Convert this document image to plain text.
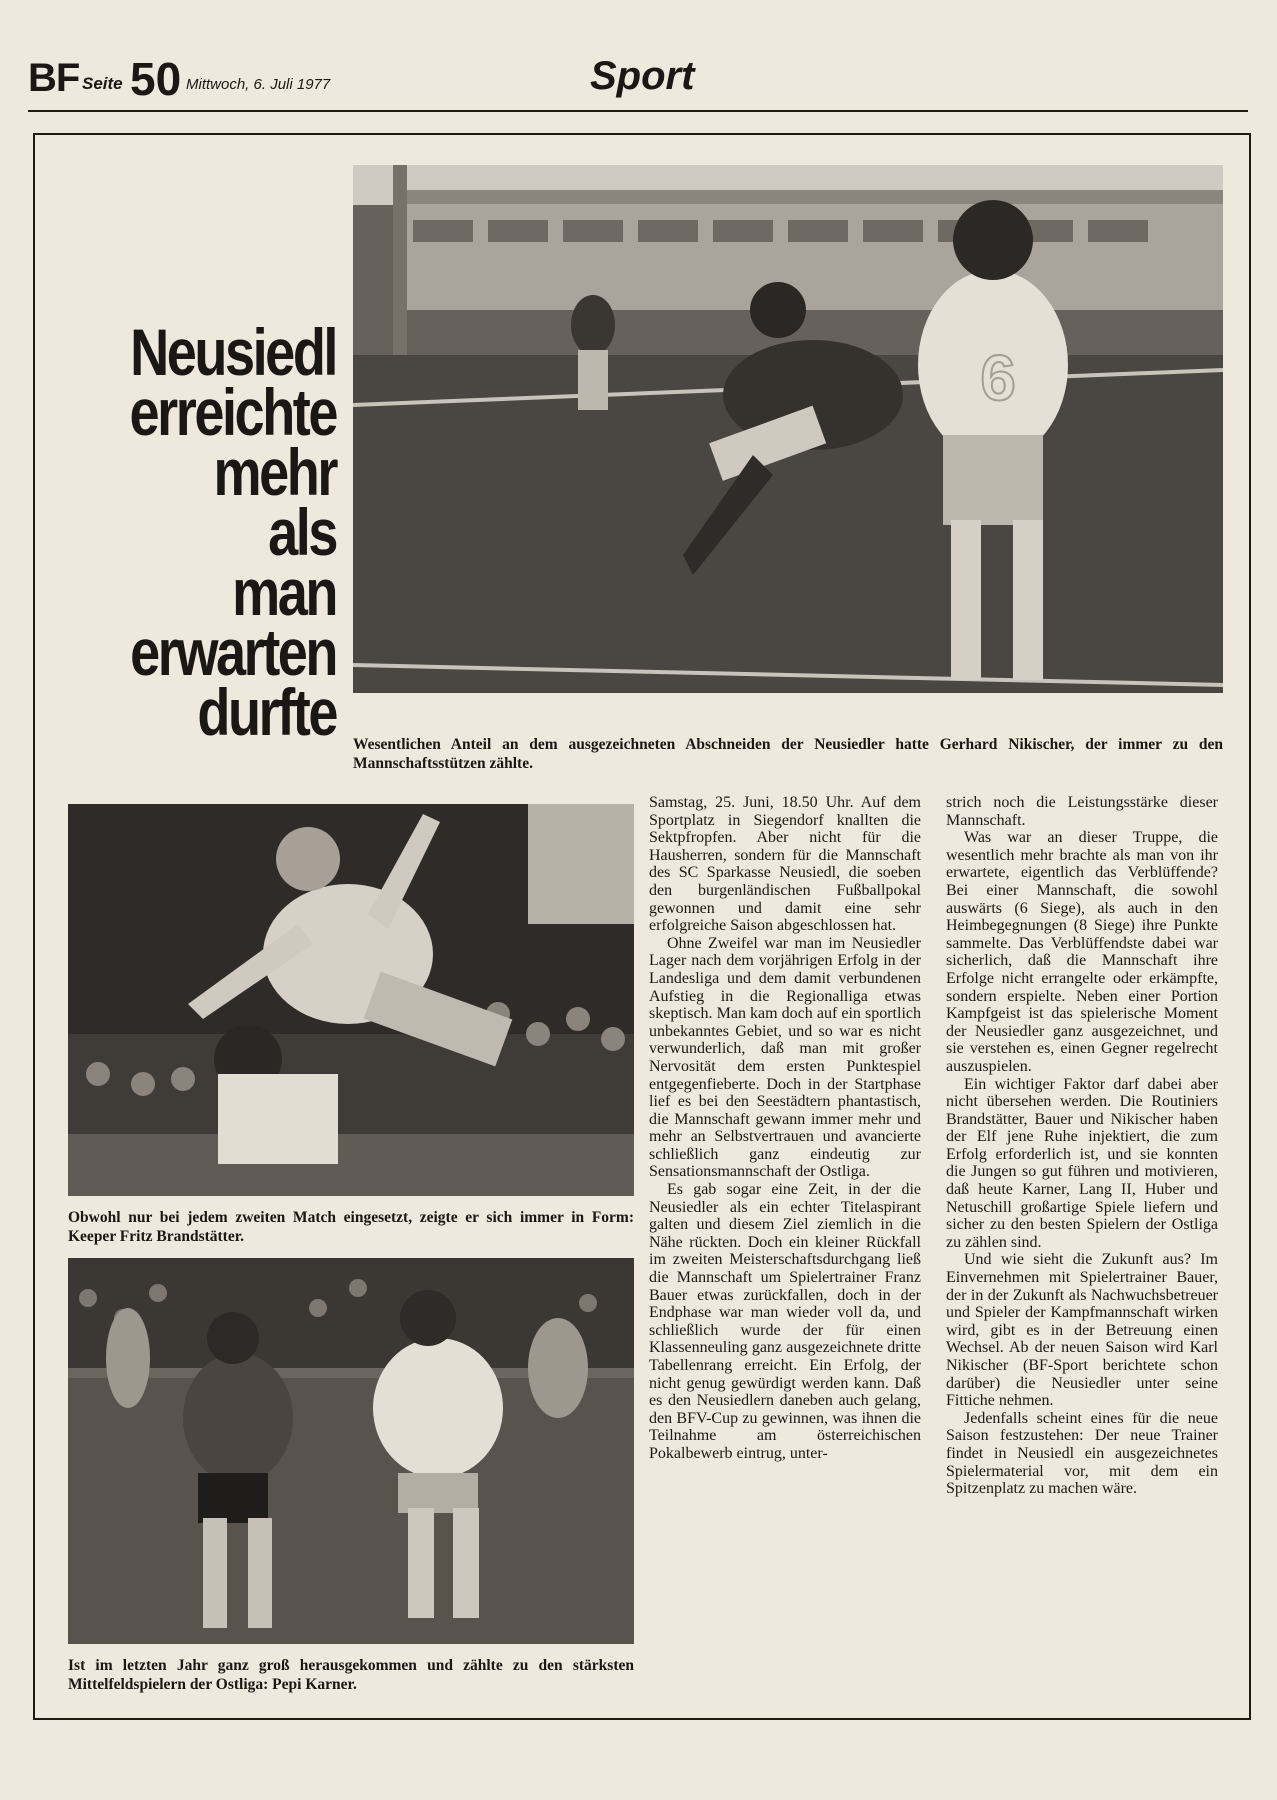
BF Seite 50 Mittwoch, 6. Juli 1977	Sport
Neusiedl
erreichte
mehr
als
man
erwarten
durfte
6
Wesentlichen Anteil an dem ausgezeichneten Abschneiden der Neusiedler hatte Gerhard Nikischer, der immer zu den Mannschaftsstützen zählte.
Obwohl nur bei jedem zweiten Match eingesetzt, zeigte er sich immer in Form: Keeper Fritz Brandstätter.
Ist im letzten Jahr ganz groß herausgekommen und zählte zu den stärksten Mittelfeldspielern der Ostliga: Pepi Karner.

Samstag, 25. Juni, 18.50 Uhr. Auf dem Sportplatz in Siegendorf knallten die Sektpfropfen. Aber nicht für die Hausherren, sondern für die Mannschaft des SC Sparkasse Neusiedl, die soeben den burgenländischen Fußballpokal gewonnen und damit eine sehr erfolgreiche Saison abgeschlossen hat.

Ohne Zweifel war man im Neusiedler Lager nach dem vorjährigen Erfolg in der Landesliga und dem damit verbundenen Aufstieg in die Regionalliga etwas skeptisch. Man kam doch auf ein sportlich unbekanntes Gebiet, und so war es nicht verwunderlich, daß man mit großer Nervosität dem ersten Punktespiel entgegenfieberte. Doch in der Startphase lief es bei den Seestädtern phantastisch, die Mannschaft gewann immer mehr und mehr an Selbstvertrauen und avancierte schließlich ganz eindeutig zur Sensationsmannschaft der Ostliga.

Es gab sogar eine Zeit, in der die Neusiedler als ein echter Titelaspirant galten und diesem Ziel ziemlich in die Nähe rückten. Doch ein kleiner Rückfall im zweiten Meisterschaftsdurchgang ließ die Mannschaft um Spielertrainer Franz Bauer etwas zurückfallen, doch in der Endphase war man wieder voll da, und schließlich wurde der für einen Klassenneuling ganz ausgezeichnete dritte Tabellenrang erreicht. Ein Erfolg, der nicht genug gewürdigt werden kann. Daß es den Neusiedlern daneben auch gelang, den BFV-Cup zu gewinnen, was ihnen die Teilnahme am österreichischen Pokalbewerb eintrug, unter-

strich noch die Leistungsstärke dieser Mannschaft.

Was war an dieser Truppe, die wesentlich mehr brachte als man von ihr erwartete, eigentlich das Verblüffende? Bei einer Mannschaft, die sowohl auswärts (6 Siege), als auch in den Heimbegegnungen (8 Siege) ihre Punkte sammelte. Das Verblüffendste dabei war sicherlich, daß die Mannschaft ihre Erfolge nicht errangelte oder erkämpfte, sondern erspielte. Neben einer Portion Kampfgeist ist das spielerische Moment der Neusiedler ganz ausgezeichnet, und sie verstehen es, einen Gegner regelrecht auszuspielen.

Ein wichtiger Faktor darf dabei aber nicht übersehen werden. Die Routiniers Brandstätter, Bauer und Nikischer haben der Elf jene Ruhe injektiert, die zum Erfolg erforderlich ist, und sie konnten die Jungen so gut führen und motivieren, daß heute Karner, Lang II, Huber und Netuschill großartige Spiele liefern und sicher zu den besten Spielern der Ostliga zu zählen sind.

Und wie sieht die Zukunft aus? Im Einvernehmen mit Spielertrainer Bauer, der in der Zukunft als Nachwuchsbetreuer und Spieler der Kampfmannschaft wirken wird, gibt es in der Betreuung einen Wechsel. Ab der neuen Saison wird Karl Nikischer (BF-Sport berichtete schon darüber) die Neusiedler unter seine Fittiche nehmen.

Jedenfalls scheint eines für die neue Saison festzustehen: Der neue Trainer findet in Neusiedl ein ausgezeichnetes Spielermaterial vor, mit dem ein Spitzenplatz zu machen wäre.
